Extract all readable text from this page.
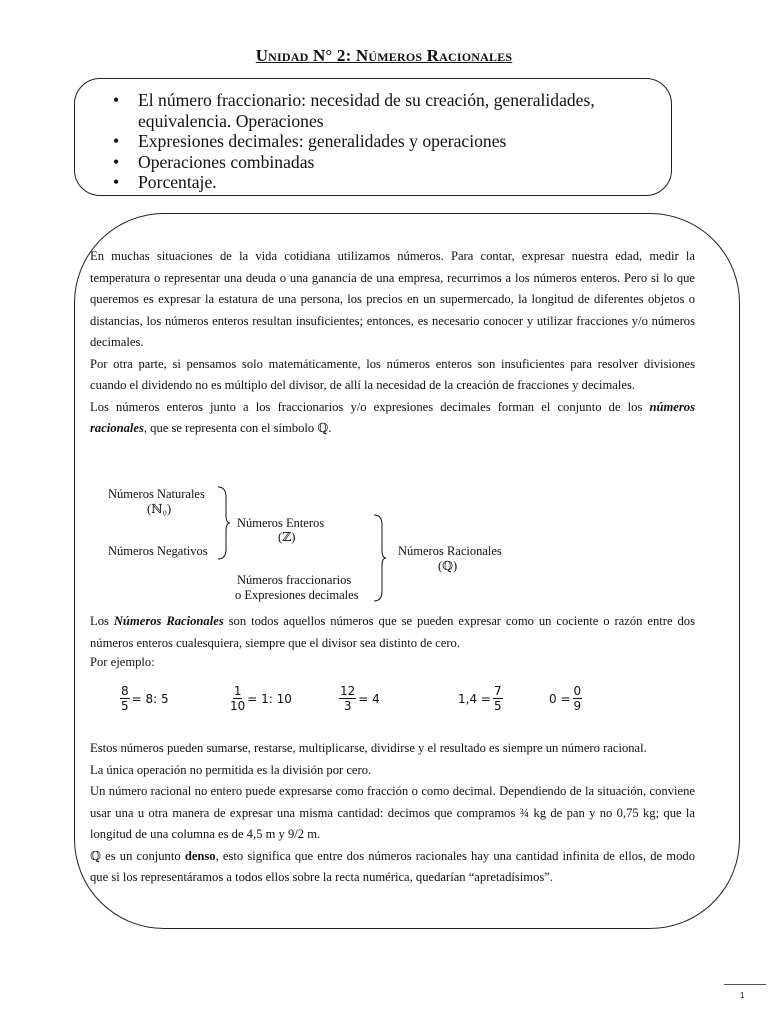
Unidad N° 2: Números Racionales
• El número fraccionario: necesidad de su creación, generalidades, equivalencia. Operaciones
• Expresiones decimales: generalidades y operaciones
• Operaciones combinadas
• Porcentaje.
En muchas situaciones de la vida cotidiana utilizamos números. Para contar, expresar nuestra edad, medir la temperatura o representar una deuda o una ganancia de una empresa, recurrimos a los números enteros. Pero si lo que queremos es expresar la estatura de una persona, los precios en un supermercado, la longitud de diferentes objetos o distancias, los números enteros resultan insuficientes; entonces, es necesario conocer y utilizar fracciones y/o números decimales.
Por otra parte, si pensamos solo matemáticamente, los números enteros son insuficientes para resolver divisiones cuando el dividendo no es múltiplo del divisor, de allí la necesidad de la creación de fracciones y decimales.
Los números enteros junto a los fraccionarios y/o expresiones decimales forman el conjunto de los números racionales, que se representa con el símbolo ℚ.
Números Naturales
(ℕ₀)
Números Negativos
Números Enteros
(ℤ)
Números fraccionarios
o Expresiones decimales
Números Racionales
(ℚ)
Los Números Racionales son todos aquellos números que se pueden expresar como un cociente o razón entre dos números enteros cualesquiera, siempre que el divisor sea distinto de cero.
Por ejemplo:
$\frac{8}{5} = 8$: 5	$\frac{1}{10} = 1$: 10	$\frac{12}{3} = 4$	$1,4 = \frac{7}{5}$	$0 = \frac{0}{9}$
Estos números pueden sumarse, restarse, multiplicarse, dividirse y el resultado es siempre un número racional.
La única operación no permitida es la división por cero.
Un número racional no entero puede expresarse como fracción o como decimal. Dependiendo de la situación, conviene usar una u otra manera de expresar una misma cantidad: decimos que compramos ¾ kg de pan y no 0,75 kg; que la longitud de una columna es de 4,5 m y 9/2 m.
ℚ es un conjunto denso, esto significa que entre dos números racionales hay una cantidad infinita de ellos, de modo que si los representáramos a todos ellos sobre la recta numérica, quedarían “apretadísimos”.
1
